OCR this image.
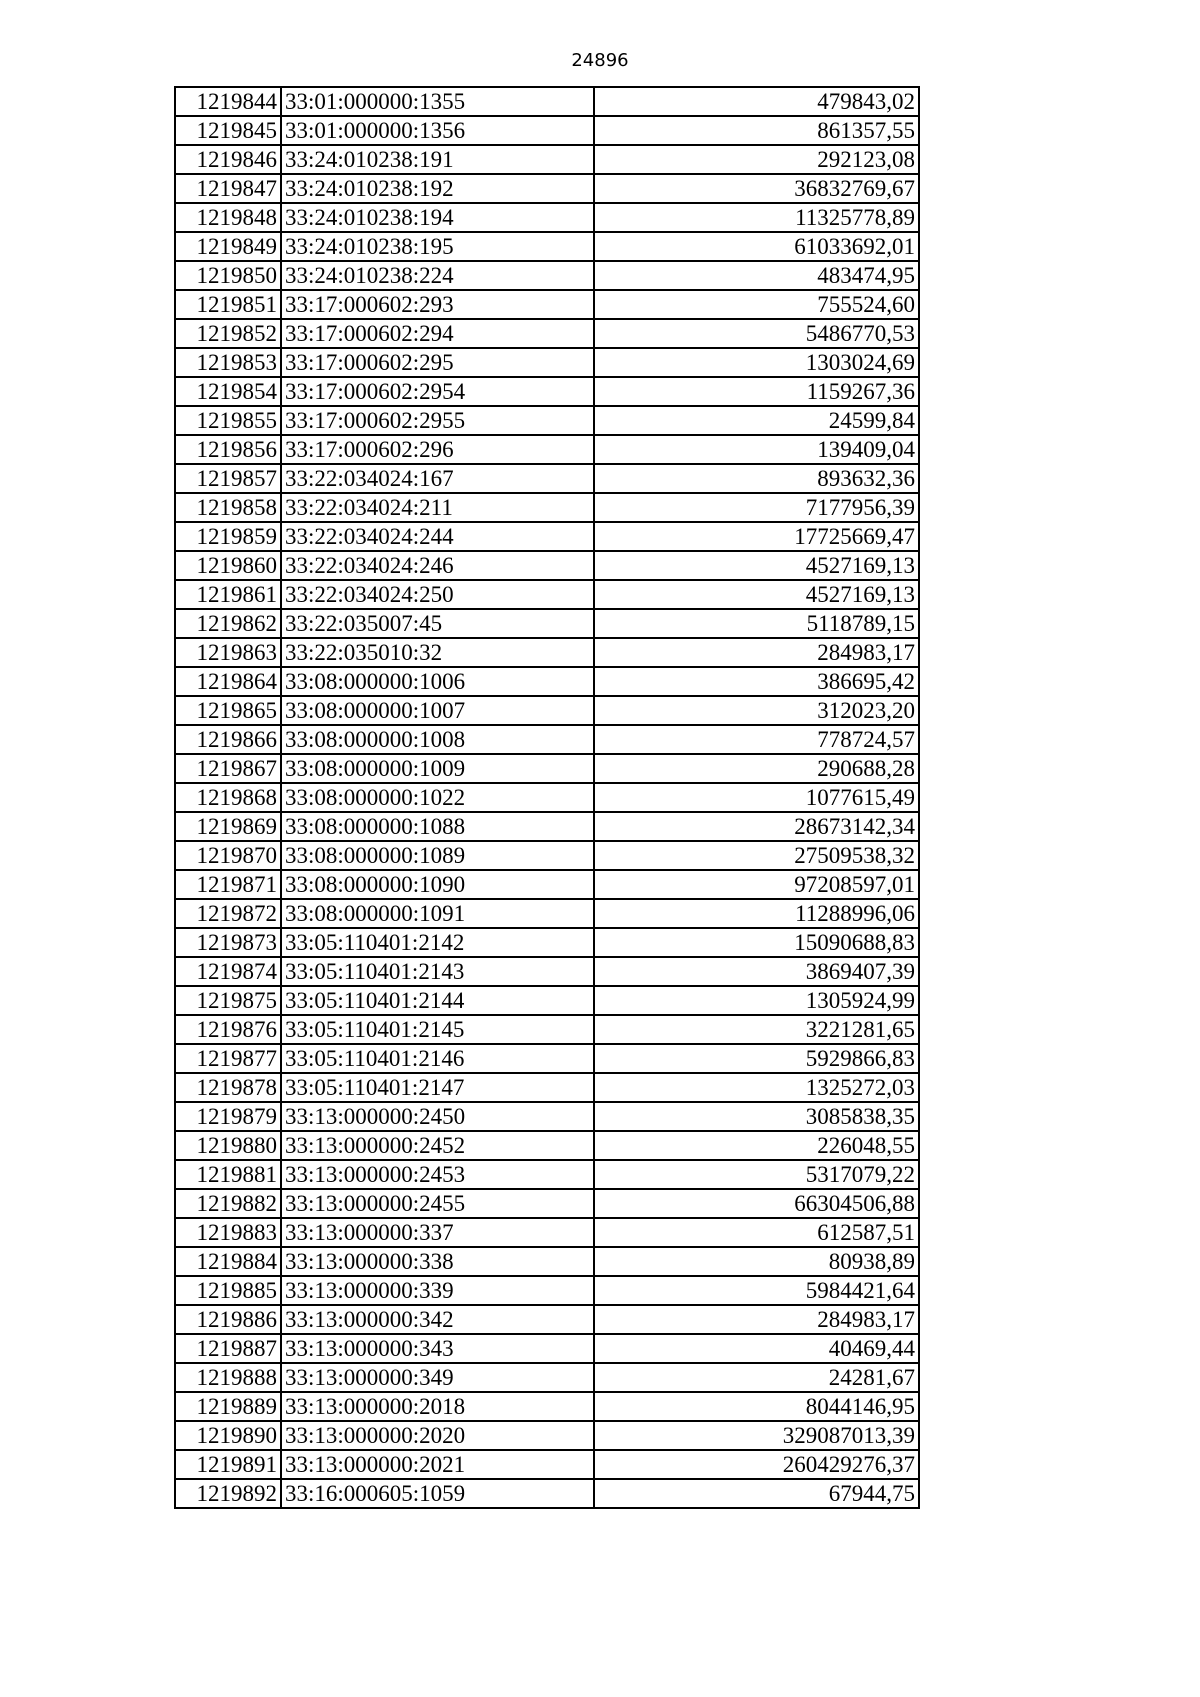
24896
1219844	33:01:000000:1355	479843,02
1219845	33:01:000000:1356	861357,55
1219846	33:24:010238:191	292123,08
1219847	33:24:010238:192	36832769,67
1219848	33:24:010238:194	11325778,89
1219849	33:24:010238:195	61033692,01
1219850	33:24:010238:224	483474,95
1219851	33:17:000602:293	755524,60
1219852	33:17:000602:294	5486770,53
1219853	33:17:000602:295	1303024,69
1219854	33:17:000602:2954	1159267,36
1219855	33:17:000602:2955	24599,84
1219856	33:17:000602:296	139409,04
1219857	33:22:034024:167	893632,36
1219858	33:22:034024:211	7177956,39
1219859	33:22:034024:244	17725669,47
1219860	33:22:034024:246	4527169,13
1219861	33:22:034024:250	4527169,13
1219862	33:22:035007:45	5118789,15
1219863	33:22:035010:32	284983,17
1219864	33:08:000000:1006	386695,42
1219865	33:08:000000:1007	312023,20
1219866	33:08:000000:1008	778724,57
1219867	33:08:000000:1009	290688,28
1219868	33:08:000000:1022	1077615,49
1219869	33:08:000000:1088	28673142,34
1219870	33:08:000000:1089	27509538,32
1219871	33:08:000000:1090	97208597,01
1219872	33:08:000000:1091	11288996,06
1219873	33:05:110401:2142	15090688,83
1219874	33:05:110401:2143	3869407,39
1219875	33:05:110401:2144	1305924,99
1219876	33:05:110401:2145	3221281,65
1219877	33:05:110401:2146	5929866,83
1219878	33:05:110401:2147	1325272,03
1219879	33:13:000000:2450	3085838,35
1219880	33:13:000000:2452	226048,55
1219881	33:13:000000:2453	5317079,22
1219882	33:13:000000:2455	66304506,88
1219883	33:13:000000:337	612587,51
1219884	33:13:000000:338	80938,89
1219885	33:13:000000:339	5984421,64
1219886	33:13:000000:342	284983,17
1219887	33:13:000000:343	40469,44
1219888	33:13:000000:349	24281,67
1219889	33:13:000000:2018	8044146,95
1219890	33:13:000000:2020	329087013,39
1219891	33:13:000000:2021	260429276,37
1219892	33:16:000605:1059	67944,75
